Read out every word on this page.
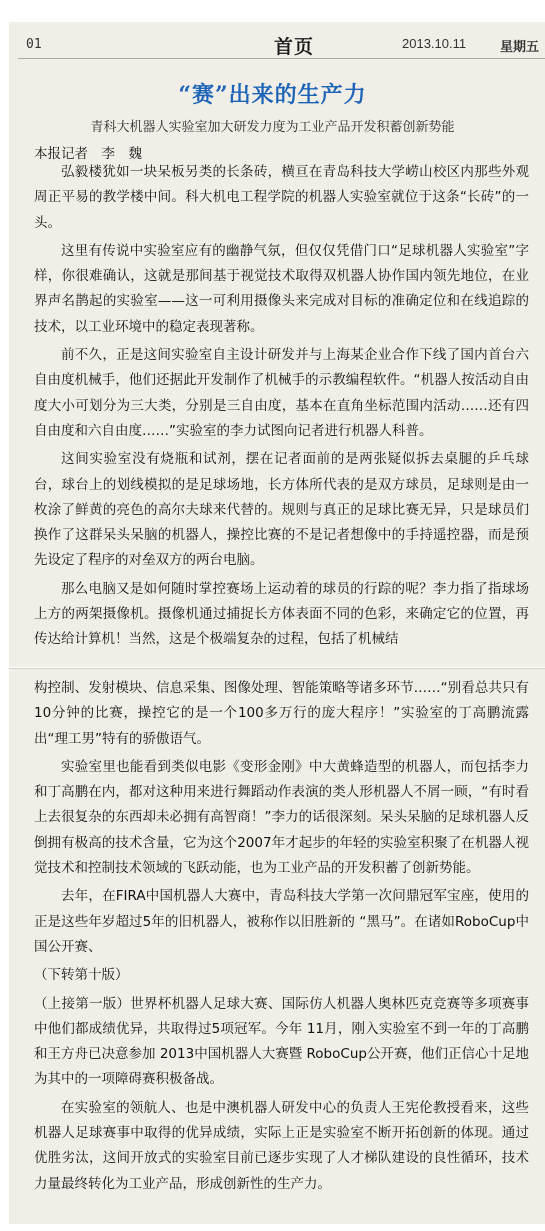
01	首页	2013.10.11	星期五
“赛”出来的生产力
青科大机器人实验室加大研发力度为工业产品开发积蓄创新势能
本报记者　李　魏

弘毅楼犹如一块呆板另类的长条砖，横亘在青岛科技大学崂山校区内那些外观周正平易的教学楼中间。科大机电工程学院的机器人实验室就位于这条“长砖”的一头。

这里有传说中实验室应有的幽静气氛，但仅仅凭借门口“足球机器人实验室”字样，你很难确认，这就是那间基于视觉技术取得双机器人协作国内领先地位，在业界声名鹊起的实验室——这一可利用摄像头来完成对目标的准确定位和在线追踪的技术，以工业环境中的稳定表现著称。

前不久，正是这间实验室自主设计研发并与上海某企业合作下线了国内首台六自由度机械手，他们还据此开发制作了机械手的示教编程软件。“机器人按活动自由度大小可划分为三大类，分别是三自由度，基本在直角坐标范围内活动……还有四自由度和六自由度……”实验室的李力试图向记者进行机器人科普。

这间实验室没有烧瓶和试剂，摆在记者面前的是两张疑似拆去桌腿的乒乓球台，球台上的划线模拟的是足球场地，长方体所代表的是双方球员，足球则是由一枚涂了鲜黄的亮色的高尔夫球来代替的。规则与真正的足球比赛无异，只是球员们换作了这群呆头呆脑的机器人，操控比赛的不是记者想像中的手持遥控器，而是预先设定了程序的对垒双方的两台电脑。

那么电脑又是如何随时掌控赛场上运动着的球员的行踪的呢？李力指了指球场上方的两架摄像机。摄像机通过捕捉长方体表面不同的色彩，来确定它的位置，再传达给计算机！当然，这是个极端复杂的过程，包括了机械结

构控制、发射模块、信息采集、图像处理、智能策略等诸多环节……“别看总共只有10分钟的比赛，操控它的是一个100多万行的庞大程序！”实验室的丁高鹏流露出“理工男”特有的骄傲语气。

实验室里也能看到类似电影《变形金刚》中大黄蜂造型的机器人，而包括李力和丁高鹏在内，都对这种用来进行舞蹈动作表演的类人形机器人不屑一顾，“有时看上去很复杂的东西却未必拥有高智商！”李力的话很深刻。呆头呆脑的足球机器人反倒拥有极高的技术含量，它为这个2007年才起步的年轻的实验室积聚了在机器人视觉技术和控制技术领域的飞跃动能，也为工业产品的开发积蓄了创新势能。

去年，在FIRA中国机器人大赛中，青岛科技大学第一次问鼎冠军宝座，使用的正是这些年岁超过5年的旧机器人，被称作以旧胜新的 “黑马”。在诸如RoboCup中国公开赛、

（下转第十版）

（上接第一版）世界杯机器人足球大赛、国际仿人机器人奥林匹克竞赛等多项赛事中他们都成绩优异，共取得过5项冠军。今年 11月，刚入实验室不到一年的丁高鹏和王方舟已决意参加 2013中国机器人大赛暨 RoboCup公开赛，他们正信心十足地为其中的一项障碍赛积极备战。

在实验室的领航人、也是中澳机器人研发中心的负责人王宪伦教授看来，这些机器人足球赛事中取得的优异成绩，实际上正是实验室不断开拓创新的体现。通过优胜劣汰，这间开放式的实验室目前已逐步实现了人才梯队建设的良性循环，技术力量最终转化为工业产品，形成创新性的生产力。
